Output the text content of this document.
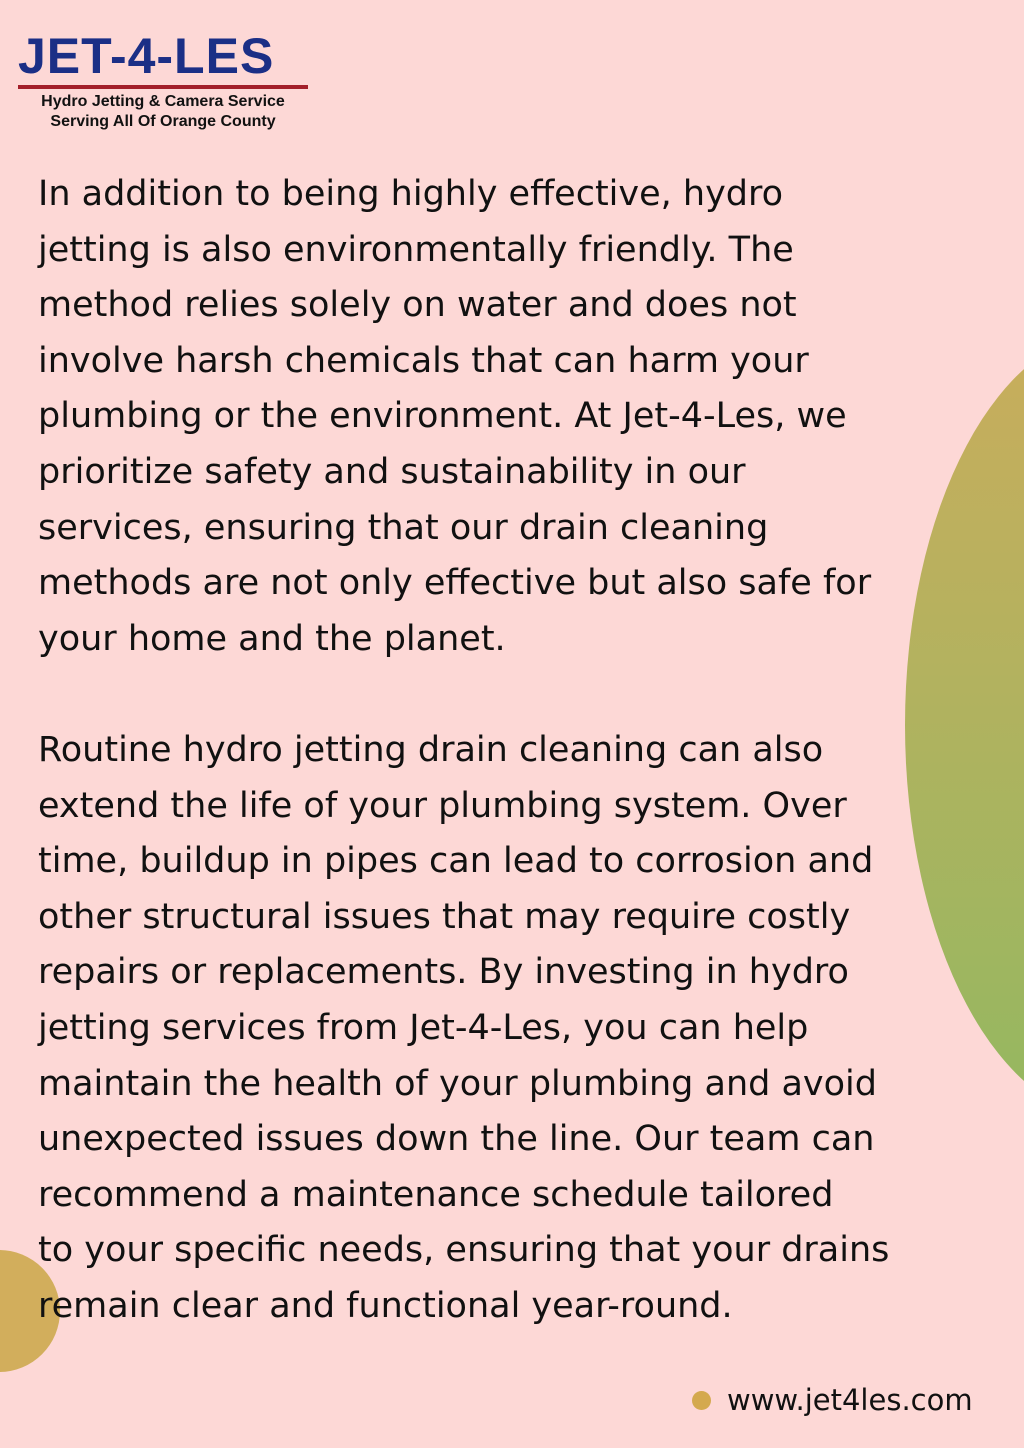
JET-4-LES
Hydro Jetting & Camera Service
Serving All Of Orange County

In addition to being highly effective, hydro
jetting is also environmentally friendly. The
method relies solely on water and does not
involve harsh chemicals that can harm your
plumbing or the environment. At Jet-4-Les, we
prioritize safety and sustainability in our
services, ensuring that our drain cleaning
methods are not only effective but also safe for
your home and the planet.

Routine hydro jetting drain cleaning can also
extend the life of your plumbing system. Over
time, buildup in pipes can lead to corrosion and
other structural issues that may require costly
repairs or replacements. By investing in hydro
jetting services from Jet-4-Les, you can help
maintain the health of your plumbing and avoid
unexpected issues down the line. Our team can
recommend a maintenance schedule tailored
to your specific needs, ensuring that your drains
remain clear and functional year-round.

www.jet4les.com
